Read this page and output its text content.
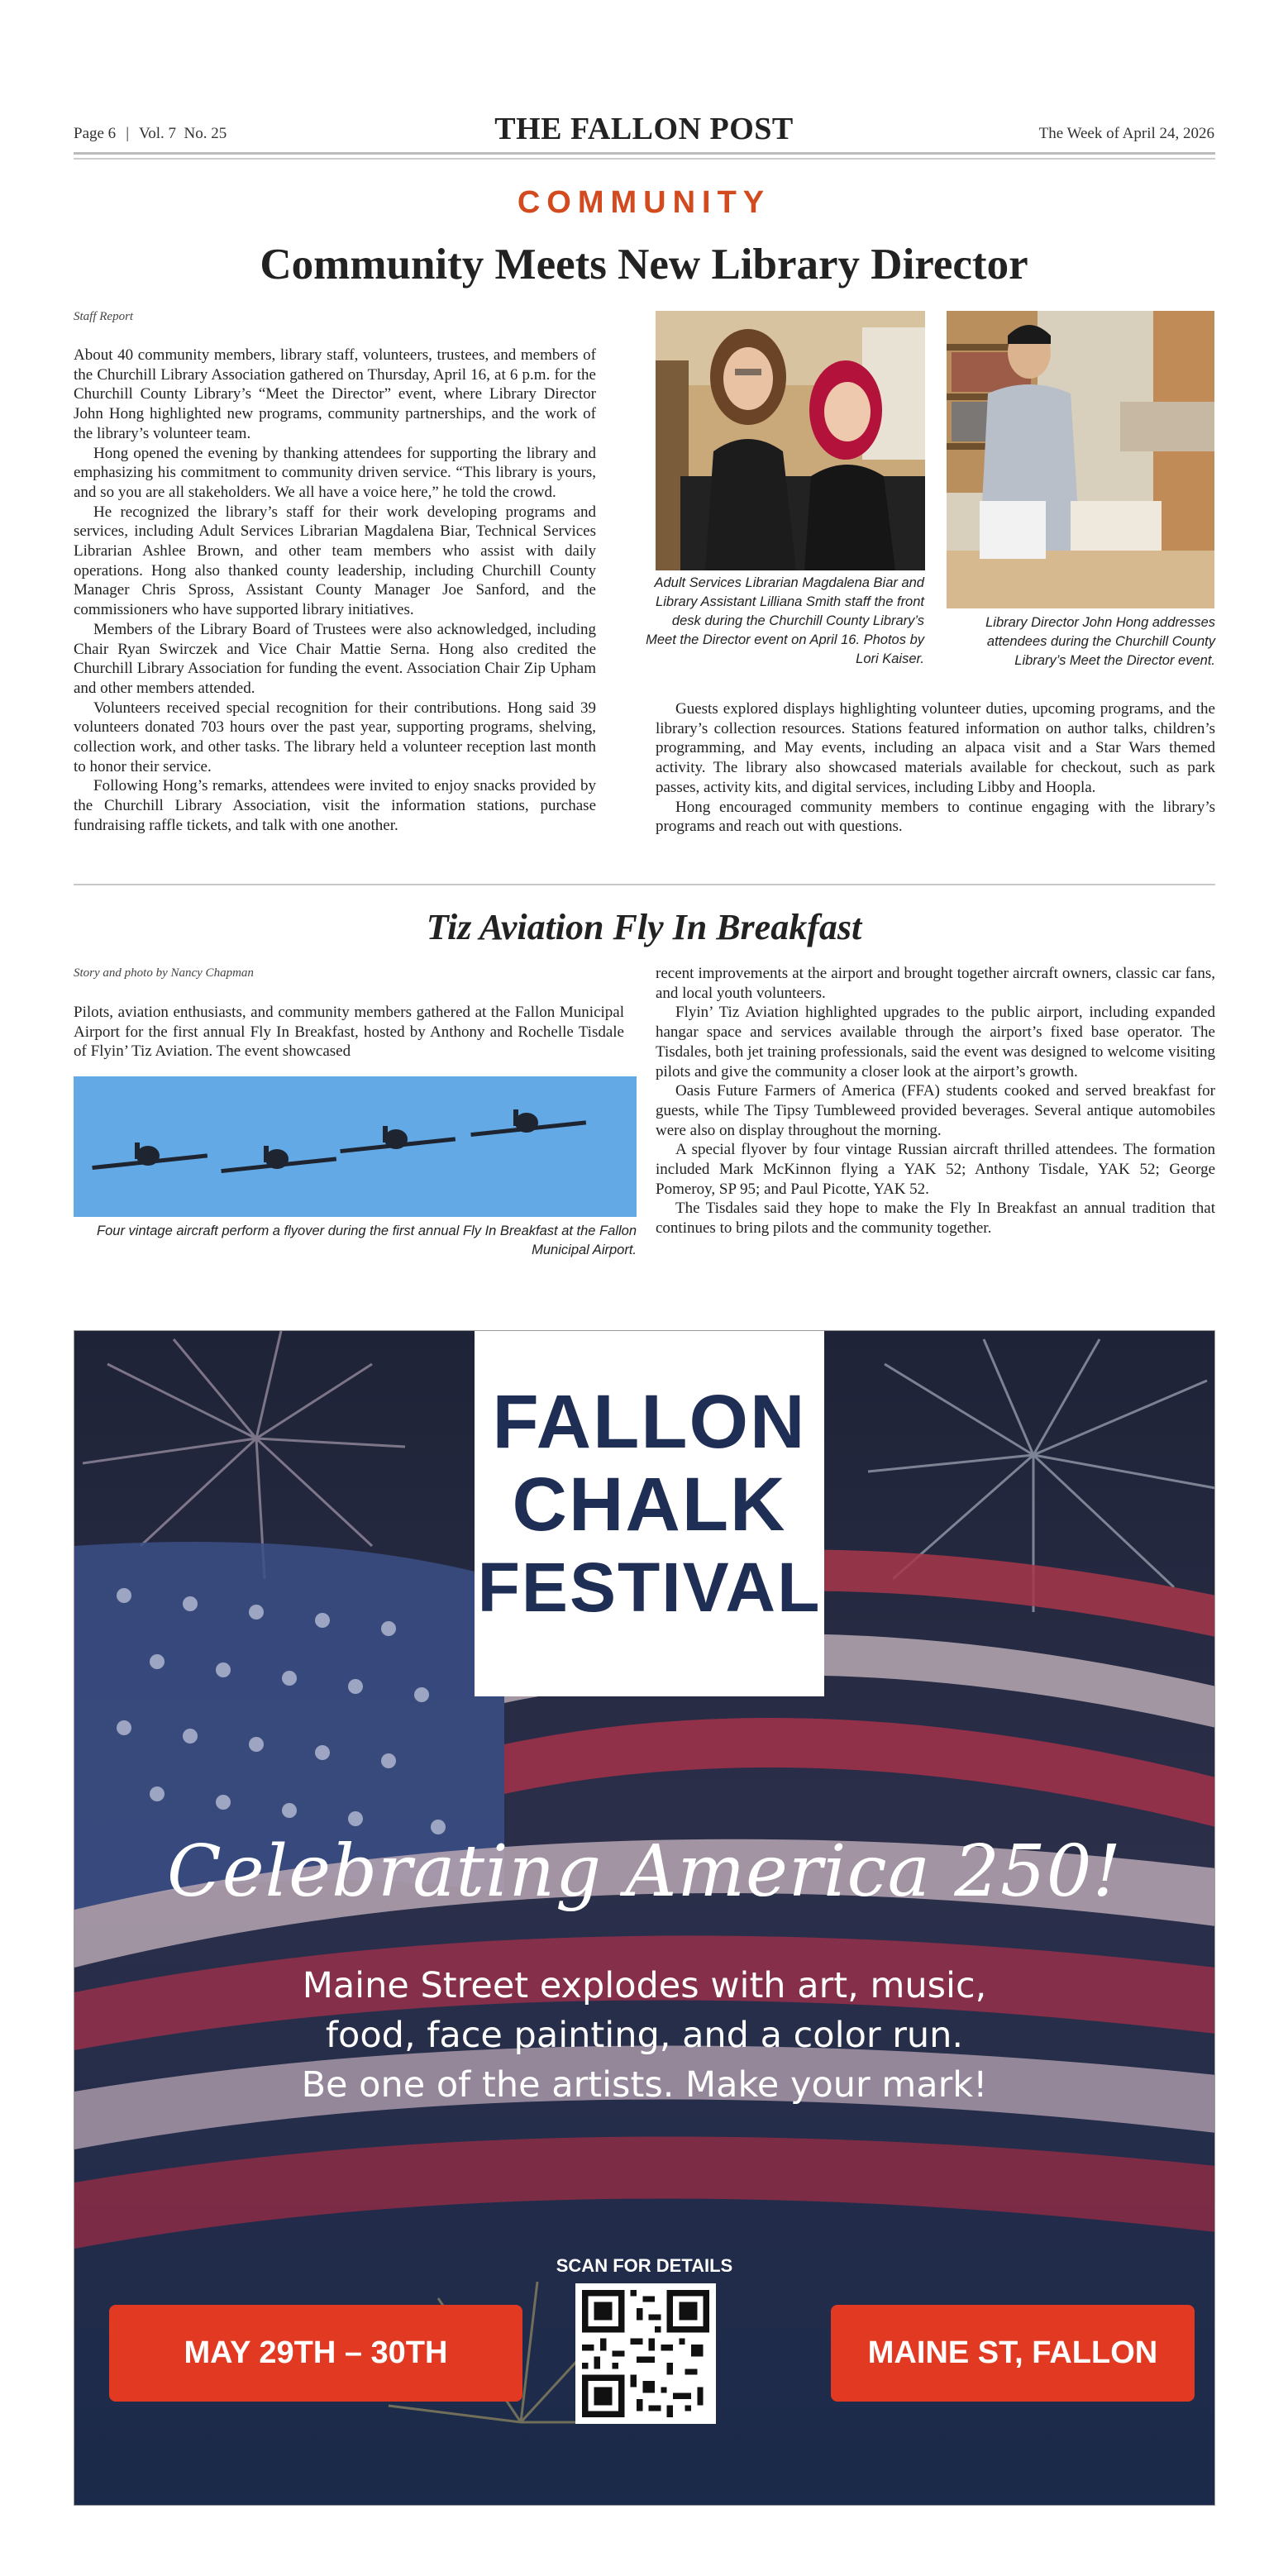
Page 6 | Vol. 7  No. 25	THE FALLON POST	The Week of April 24, 2026
COMMUNITY
Community Meets New Library Director
Staff Report

About 40 community members, library staff, volunteers, trustees, and members of the Churchill Library Association gathered on Thursday, April 16, at 6 p.m. for the Churchill County Library’s “Meet the Director” event, where Library Director John Hong highlighted new programs, community partnerships, and the work of the library’s volunteer team.

Hong opened the evening by thanking attendees for supporting the library and emphasizing his commitment to community driven service. “This library is yours, and so you are all stakeholders. We all have a voice here,” he told the crowd.

He recognized the library’s staff for their work developing programs and services, including Adult Services Librarian Magdalena Biar, Technical Services Librarian Ashlee Brown, and other team members who assist with daily operations. Hong also thanked county leadership, including Churchill County Manager Chris Spross, Assistant County Manager Joe Sanford, and the commissioners who have supported library initiatives.

Members of the Library Board of Trustees were also acknowledged, including Chair Ryan Swirczek and Vice Chair Mattie Serna. Hong also credited the Churchill Library Association for funding the event. Association Chair Zip Upham and other members attended.

Volunteers received special recognition for their contributions. Hong said 39 volunteers donated 703 hours over the past year, supporting programs, shelving, collection work, and other tasks. The library held a volunteer reception last month to honor their service.

Following Hong’s remarks, attendees were invited to enjoy snacks provided by the Churchill Library Association, visit the information stations, purchase fundraising raffle tickets, and talk with one another.

Adult Services Librarian Magdalena Biar and Library Assistant Lilliana Smith staff the front desk during the Churchill County Library’s Meet the Director event on April 16. Photos by Lori Kaiser.
Library Director John Hong addresses attendees during the Churchill County Library’s Meet the Director event.

Guests explored displays highlighting volunteer duties, upcoming programs, and the library’s collection resources. Stations featured information on author talks, children’s programming, and May events, including an alpaca visit and a Star Wars themed activity. The library also showcased materials available for checkout, such as park passes, activity kits, and digital services, including Libby and Hoopla.

Hong encouraged community members to continue engaging with the library’s programs and reach out with questions.

Tiz Aviation Fly In Breakfast
Story and photo by Nancy Chapman

Pilots, aviation enthusiasts, and community members gathered at the Fallon Municipal Airport for the first annual Fly In Breakfast, hosted by Anthony and Rochelle Tisdale of Flyin’ Tiz Aviation. The event showcased

Four vintage aircraft perform a flyover during the first annual Fly In Breakfast at the Fallon Municipal Airport.

recent improvements at the airport and brought together aircraft owners, classic car fans, and local youth volunteers.

Flyin’ Tiz Aviation highlighted upgrades to the public airport, including expanded hangar space and services available through the airport’s fixed base operator. The Tisdales, both jet training professionals, said the event was designed to welcome visiting pilots and give the community a closer look at the airport’s growth.

Oasis Future Farmers of America (FFA) students cooked and served breakfast for guests, while The Tipsy Tumbleweed provided beverages. Several antique automobiles were also on display throughout the morning.

A special flyover by four vintage Russian aircraft thrilled attendees. The formation included Mark McKinnon flying a YAK 52; Anthony Tisdale, YAK 52; George Pomeroy, SP 95; and Paul Picotte, YAK 52.

The Tisdales said they hope to make the Fly In Breakfast an annual tradition that continues to bring pilots and the community together.

FALLON
CHALK
FESTIVAL
Celebrating America 250!
Maine Street explodes with art, music,
food, face painting, and a color run.
Be one of the artists. Make your mark!
SCAN FOR DETAILS
MAY 29TH – 30TH	MAINE ST, FALLON
